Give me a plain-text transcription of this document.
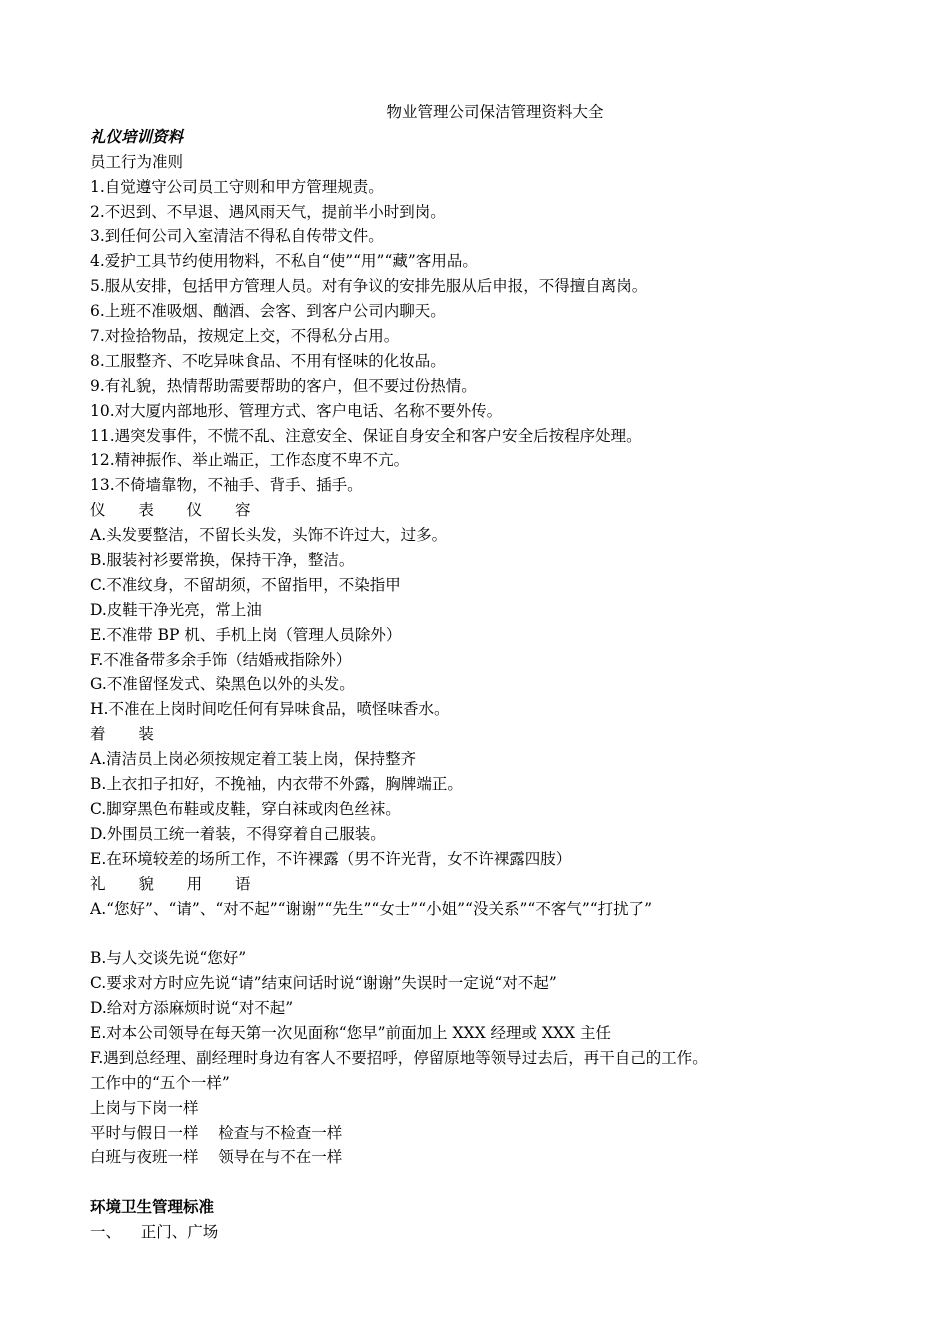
物业管理公司保洁管理资料大全
礼仪培训资料
员工行为准则
1.自觉遵守公司员工守则和甲方管理规责。
2.不迟到、不早退、遇风雨天气，提前半小时到岗。
3.到任何公司入室清洁不得私自传带文件。
4.爱护工具节约使用物料，不私自“使”“用”“藏”客用品。
5.服从安排，包括甲方管理人员。对有争议的安排先服从后申报，不得擅自离岗。
6.上班不准吸烟、酗酒、会客、到客户公司内聊天。
7.对捡拾物品，按规定上交，不得私分占用。
8.工服整齐、不吃异味食品、不用有怪味的化妆品。
9.有礼貌，热情帮助需要帮助的客户，但不要过份热情。
10.对大厦内部地形、管理方式、客户电话、名称不要外传。
11.遇突发事件，不慌不乱、注意安全、保证自身安全和客户安全后按程序处理。
12.精神振作、举止端正，工作态度不卑不亢。
13.不倚墙靠物，不袖手、背手、插手。
仪 表 仪 容
A.头发要整洁，不留长头发，头饰不许过大，过多。
B.服装衬衫要常换，保持干净，整洁。
C.不准纹身，不留胡须，不留指甲，不染指甲
D.皮鞋干净光亮，常上油
E.不准带 BP 机、手机上岗（管理人员除外）
F.不准备带多余手饰（结婚戒指除外）
G.不准留怪发式、染黑色以外的头发。
H.不准在上岗时间吃任何有异味食品，喷怪味香水。
着 装
A.清洁员上岗必须按规定着工装上岗，保持整齐
B.上衣扣子扣好，不挽袖，内衣带不外露，胸牌端正。
C.脚穿黑色布鞋或皮鞋，穿白袜或肉色丝袜。
D.外围员工统一着装，不得穿着自己服装。
E.在环境较差的场所工作，不许裸露（男不许光背，女不许裸露四肢）
礼 貌 用 语
A.“您好”、“请”、“对不起”“谢谢”“先生”“女士”“小姐”“没关系”“不客气”“打扰了”
B.与人交谈先说“您好”
C.要求对方时应先说“请”结束问话时说“谢谢”失误时一定说“对不起”
D.给对方添麻烦时说“对不起”
E.对本公司领导在每天第一次见面称“您早”前面加上 XXX 经理或 XXX 主任
F.遇到总经理、副经理时身边有客人不要招呼，停留原地等领导过去后，再干自己的工作。
工作中的“五个一样”
上岗与下岗一样
平时与假日一样    检查与不检查一样
白班与夜班一样    领导在与不在一样
环境卫生管理标准
一、    正门、广场
